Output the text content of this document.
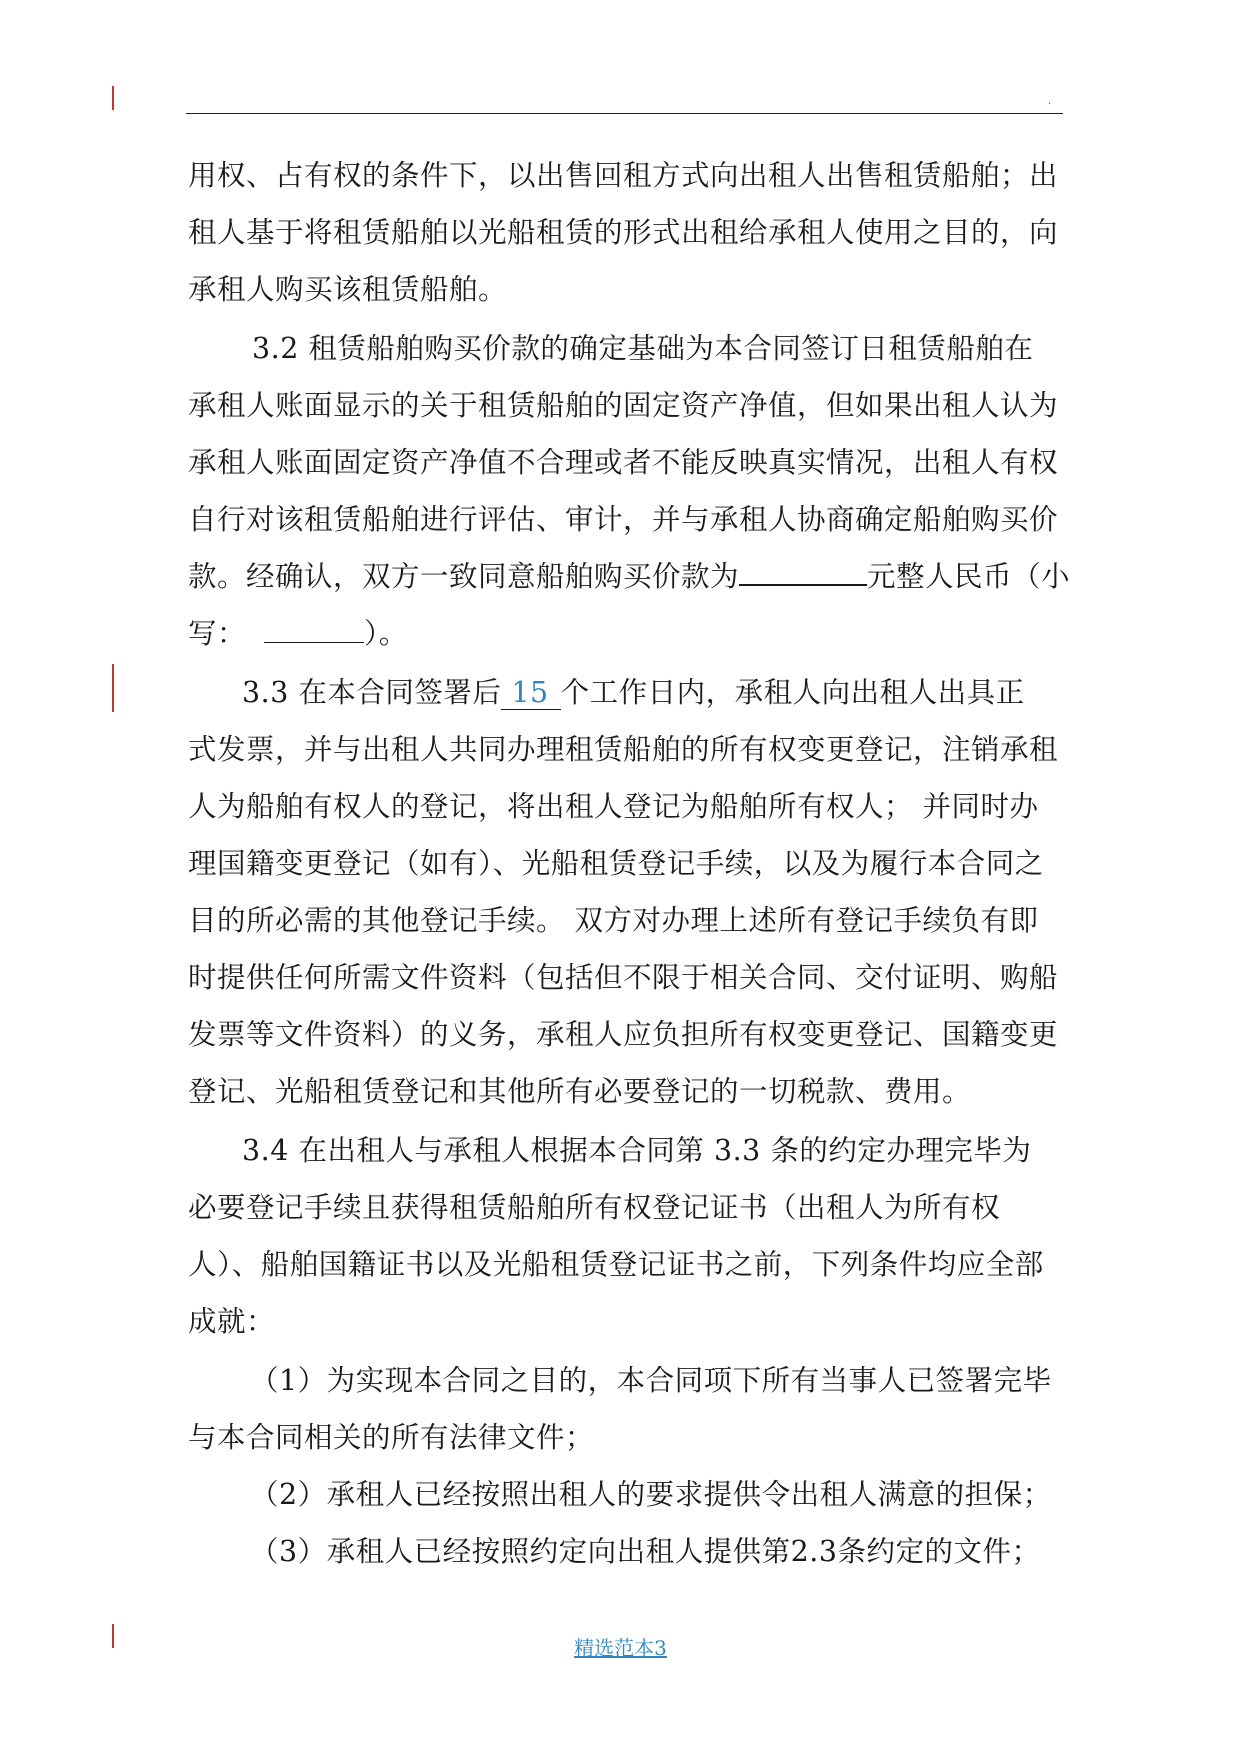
.
用权、占有权的条件下，以出售回租方式向出租人出售租赁船舶；出
租人基于将租赁船舶以光船租赁的形式出租给承租人使用之目的，向
承租人购买该租赁船舶。
3.2 租赁船舶购买价款的确定基础为本合同签订日租赁船舶在
承租人账面显示的关于租赁船舶的固定资产净值，但如果出租人认为
承租人账面固定资产净值不合理或者不能反映真实情况，出租人有权
自行对该租赁船舶进行评估、审计，并与承租人协商确定船舶购买价
款。经确认，双方一致同意船舶购买价款为	元整人民币（小
写：	）。
3.3 在本合同签署后 15 个工作日内，承租人向出租人出具正
式发票，并与出租人共同办理租赁船舶的所有权变更登记，注销承租
人为船舶有权人的登记，将出租人登记为船舶所有权人； 并同时办
理国籍变更登记（如有）、光船租赁登记手续，以及为履行本合同之
目的所必需的其他登记手续。 双方对办理上述所有登记手续负有即
时提供任何所需文件资料（包括但不限于相关合同、交付证明、购船
发票等文件资料）的义务，承租人应负担所有权变更登记、国籍变更
登记、光船租赁登记和其他所有必要登记的一切税款、费用。
3.4 在出租人与承租人根据本合同第 3.3 条的约定办理完毕为
必要登记手续且获得租赁船舶所有权登记证书（出租人为所有权
人）、船舶国籍证书以及光船租赁登记证书之前，下列条件均应全部
成就：
（1）为实现本合同之目的，本合同项下所有当事人已签署完毕
与本合同相关的所有法律文件；
（2）承租人已经按照出租人的要求提供令出租人满意的担保；
（3）承租人已经按照约定向出租人提供第2.3条约定的文件；
精选范本3
